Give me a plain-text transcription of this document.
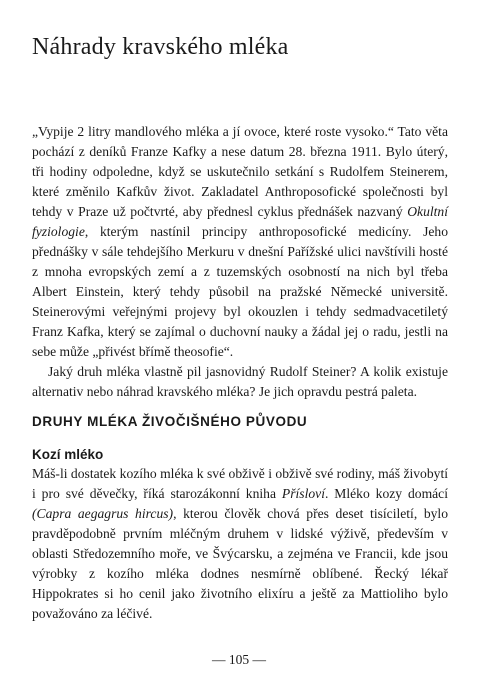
Náhrady kravského mléka

„Vypije 2 litry mandlového mléka a jí ovoce, které roste vysoko.“ Tato věta pochází z deníků Franze Kafky a nese datum 28. března 1911. Bylo úterý, tři hodiny odpoledne, když se uskutečnilo setkání s Rudolfem Steinerem, které změnilo Kafkův život. Zakladatel Anthroposofické společnosti byl tehdy v Praze už počtvrté, aby přednesl cyklus přednášek nazvaný Okultní fyziologie, kterým nastínil principy anthroposofické medicíny. Jeho přednášky v sále tehdejšího Merkuru v dnešní Pařížské ulici navštívili hosté z mnoha evropských zemí a z tuzemských osobností na nich byl třeba Albert Einstein, který tehdy působil na pražské Německé universitě. Steinerovými veřejnými projevy byl okouzlen i tehdy sedmadvacetiletý Franz Kafka, který se zajímal o duchovní nauky a žádal jej o radu, jestli na sebe může „přivést břímě theosofie“.

Jaký druh mléka vlastně pil jasnovidný Rudolf Steiner? A kolik existuje alternativ nebo náhrad kravského mléka? Je jich opravdu pestrá paleta.

DRUHY MLÉKA ŽIVOČIŠNÉHO PŮVODU
Kozí mléko

Máš-li dostatek kozího mléka k své obživě i obživě své rodiny, máš živobytí i pro své děvečky, říká starozákonní kniha Přísloví. Mléko kozy domácí (Capra aegagrus hircus), kterou člověk chová přes deset tisíciletí, bylo pravděpodobně prvním mléčným druhem v lidské výživě, především v oblasti Středozemního moře, ve Švýcarsku, a zejména ve Francii, kde jsou výrobky z kozího mléka dodnes nesmírně oblíbené. Řecký lékař Hippokrates si ho cenil jako životního elixíru a ještě za Mattioliho bylo považováno za léčivé.

— 105 —
